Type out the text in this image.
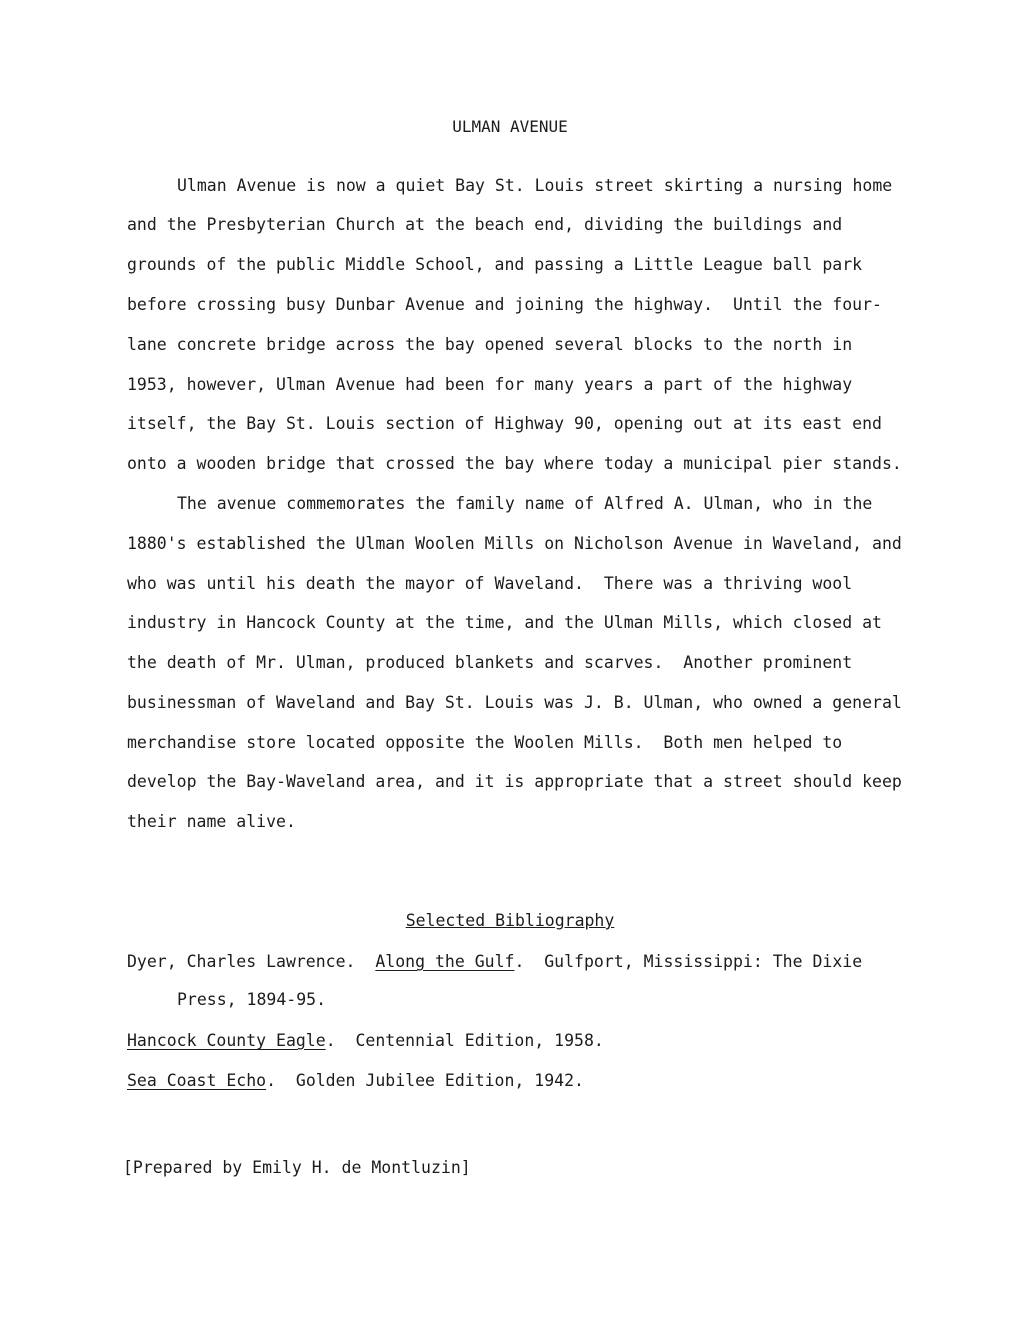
ULMAN AVENUE
Ulman Avenue is now a quiet Bay St. Louis street skirting a nursing home
and the Presbyterian Church at the beach end, dividing the buildings and
grounds of the public Middle School, and passing a Little League ball park
before crossing busy Dunbar Avenue and joining the highway.  Until the four-
lane concrete bridge across the bay opened several blocks to the north in
1953, however, Ulman Avenue had been for many years a part of the highway
itself, the Bay St. Louis section of Highway 90, opening out at its east end
onto a wooden bridge that crossed the bay where today a municipal pier stands.
The avenue commemorates the family name of Alfred A. Ulman, who in the
1880's established the Ulman Woolen Mills on Nicholson Avenue in Waveland, and
who was until his death the mayor of Waveland.  There was a thriving wool
industry in Hancock County at the time, and the Ulman Mills, which closed at
the death of Mr. Ulman, produced blankets and scarves.  Another prominent
businessman of Waveland and Bay St. Louis was J. B. Ulman, who owned a general
merchandise store located opposite the Woolen Mills.  Both men helped to
develop the Bay-Waveland area, and it is appropriate that a street should keep
their name alive.
Selected Bibliography
Dyer, Charles Lawrence.  Along the Gulf.  Gulfport, Mississippi: The Dixie
Press, 1894-95.
Hancock County Eagle.  Centennial Edition, 1958.
Sea Coast Echo.  Golden Jubilee Edition, 1942.
[Prepared by Emily H. de Montluzin]
